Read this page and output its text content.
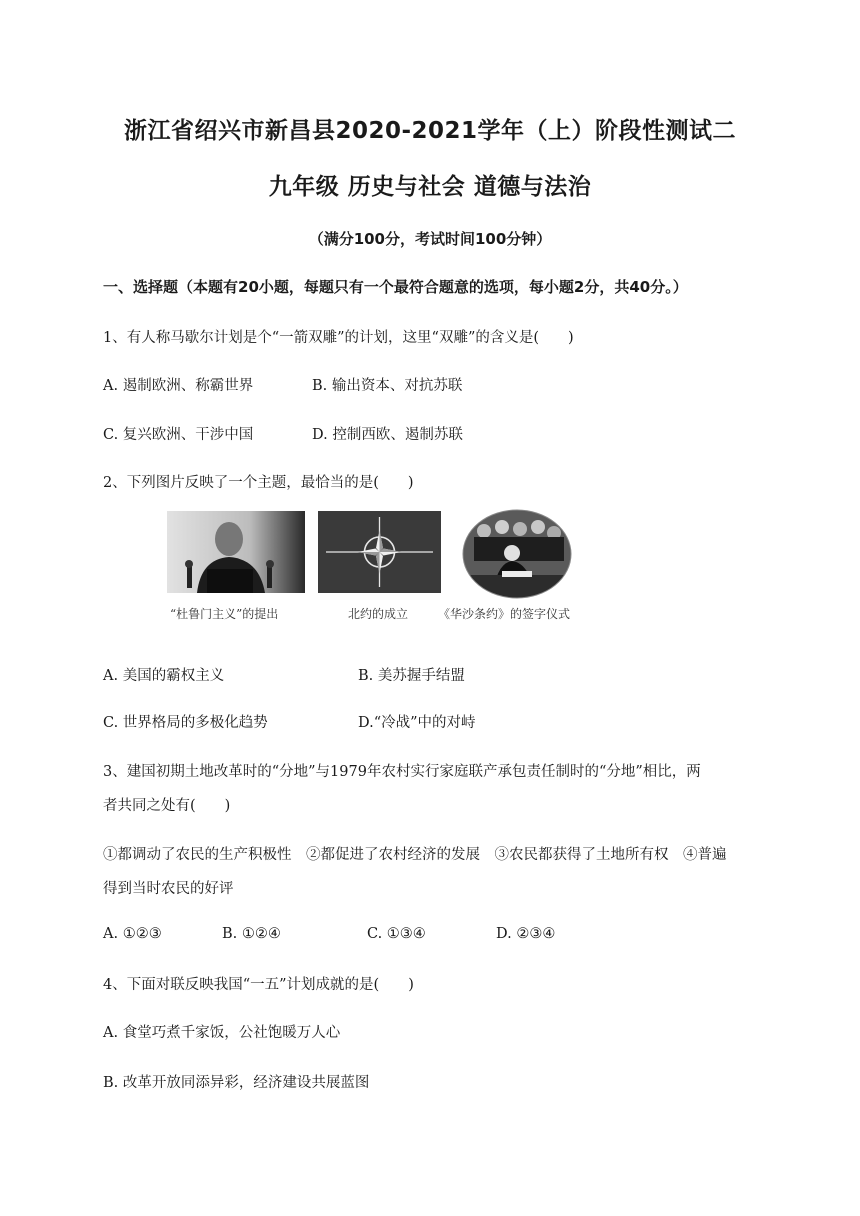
浙江省绍兴市新昌县2020-2021学年（上）阶段性测试二
九年级 历史与社会 道德与法治
（满分100分，考试时间100分钟）
一、选择题（本题有20小题，每题只有一个最符合题意的选项，每小题2分，共40分。）
1、有人称马歇尔计划是个“一箭双雕”的计划，这里“双雕”的含义是(　　)
A. 遏制欧洲、称霸世界	B. 输出资本、对抗苏联
C. 复兴欧洲、干涉中国	D. 控制西欧、遏制苏联
2、下列图片反映了一个主题，最恰当的是(　　)
“杜鲁门主义”的提出	北约的成立 《华沙条约》的签字仪式
A. 美国的霸权主义	B. 美苏握手结盟
C. 世界格局的多极化趋势	D.“冷战”中的对峙
3、建国初期土地改革时的“分地”与1979年农村实行家庭联产承包责任制时的“分地”相比，两
者共同之处有(　　)
①都调动了农民的生产积极性　②都促进了农村经济的发展　③农民都获得了土地所有权　④普遍
得到当时农民的好评
A. ①②③	B. ①②④	C. ①③④	D. ②③④
4、下面对联反映我国“一五”计划成就的是(　　)
A. 食堂巧煮千家饭，公社饱暖万人心
B. 改革开放同添异彩，经济建设共展蓝图
